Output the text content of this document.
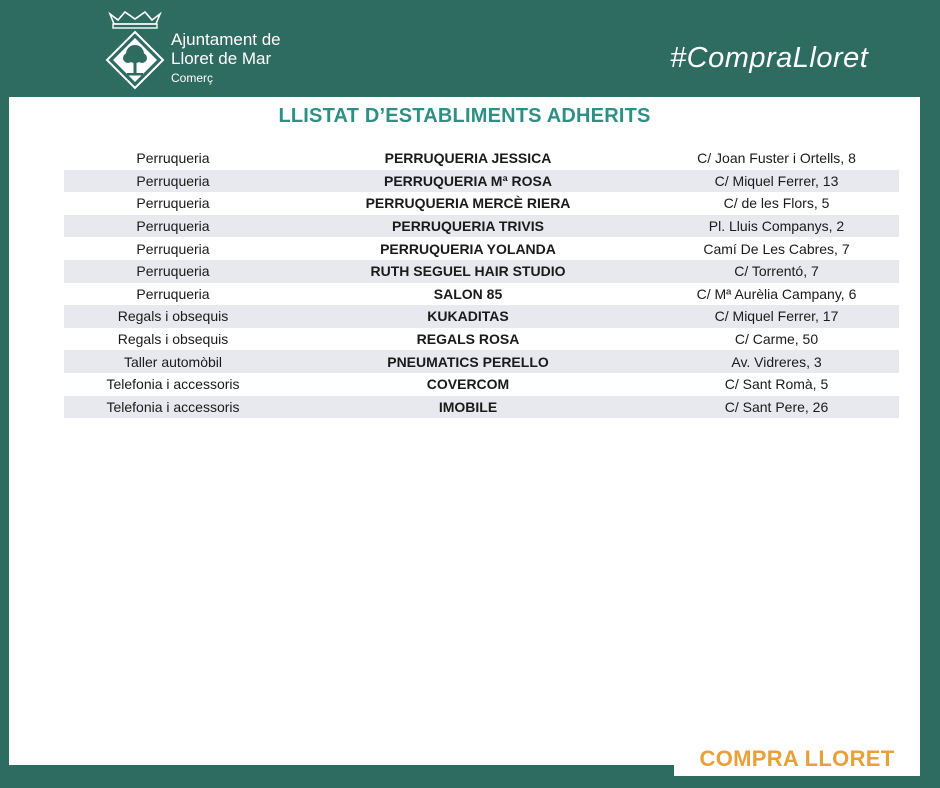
Ajuntament de
Lloret de Mar
Comerç
#CompraLloret
LLISTAT D’ESTABLIMENTS ADHERITS
Perruqueria	PERRUQUERIA JESSICA	C/ Joan Fuster i Ortells, 8
Perruqueria	PERRUQUERIA Mª ROSA	C/ Miquel Ferrer, 13
Perruqueria	PERRUQUERIA MERCÈ RIERA	C/ de les Flors, 5
Perruqueria	PERRUQUERIA TRIVIS	Pl. Lluis Companys, 2
Perruqueria	PERRUQUERIA YOLANDA	Camí De Les Cabres, 7
Perruqueria	RUTH SEGUEL HAIR STUDIO	C/ Torrentó, 7
Perruqueria	SALON 85	C/ Mª Aurèlia Campany, 6
Regals i obsequis	KUKADITAS	C/ Miquel Ferrer, 17
Regals i obsequis	REGALS ROSA	C/ Carme, 50
Taller automòbil	PNEUMATICS PERELLO	Av. Vidreres, 3
Telefonia i accessoris	COVERCOM	C/ Sant Romà, 5
Telefonia i accessoris	IMOBILE	C/ Sant Pere, 26
COMPRA LLORET
